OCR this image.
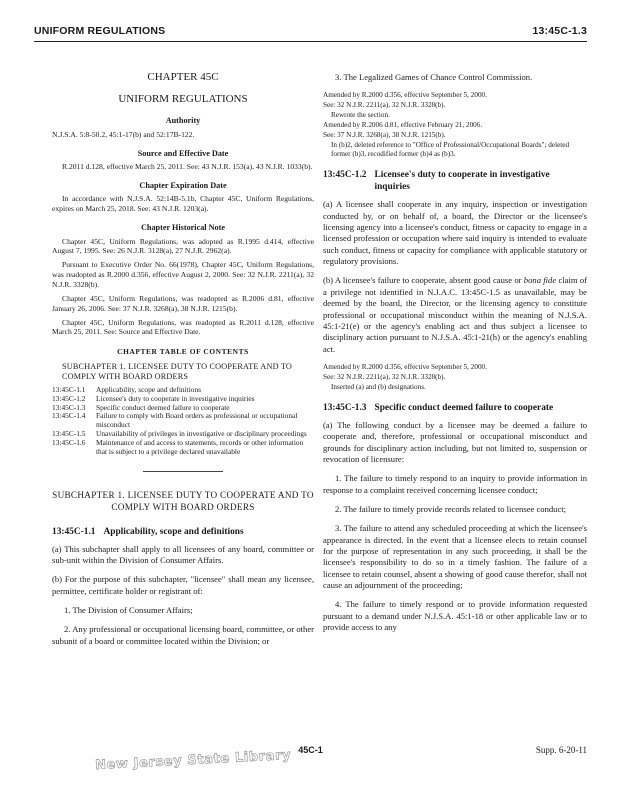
UNIFORM REGULATIONS	13:45C-1.3
CHAPTER 45C
UNIFORM REGULATIONS
Authority

N.J.S.A. 5:8-50.2, 45:1-17(b) and 52:17B-122.

Source and Effective Date

R.2011 d.128, effective March 25, 2011. See: 43 N.J.R. 153(a), 43 N.J.R. 1033(b).

Chapter Expiration Date

In accordance with N.J.S.A. 52:14B-5.1b, Chapter 45C, Uniform Regulations, expires on March 25, 2018. See: 43 N.J.R. 1203(a).

Chapter Historical Note

Chapter 45C, Uniform Regulations, was adopted as R.1995 d.414, effective August 7, 1995. See: 26 N.J.R. 3128(a), 27 N.J.R. 2962(a).

Pursuant to Executive Order No. 66(1978), Chapter 45C, Uniform Regulations, was readopted as R.2000 d.356, effective August 2, 2000. See: 32 N.J.R. 2211(a), 32 N.J.R. 3328(b).

Chapter 45C, Uniform Regulations, was readopted as R.2006 d.81, effective January 26, 2006. See: 37 N.J.R. 3268(a), 38 N.J.R. 1215(b).

Chapter 45C, Uniform Regulations, was readopted as R.2011 d.128, effective March 25, 2011. See: Source and Effective Date.

CHAPTER TABLE OF CONTENTS
SUBCHAPTER 1. LICENSEE DUTY TO COOPERATE AND TO COMPLY WITH BOARD ORDERS
13:45C-1.1	Applicability, scope and definitions
13:45C-1.2	Licensee's duty to cooperate in investigative inquiries
13:45C-1.3	Specific conduct deemed failure to cooperate
13:45C-1.4	Failure to comply with Board orders as professional or occupational misconduct
13:45C-1.5	Unavailability of privileges in investigative or disciplinary proceedings
13:45C-1.6	Maintenance of and access to statements, records or other information that is subject to a privilege declared unavailable
SUBCHAPTER 1. LICENSEE DUTY TO COOPERATE AND TO COMPLY WITH BOARD ORDERS
13:45C-1.1 Applicability, scope and definitions

(a) This subchapter shall apply to all licensees of any board, committee or sub-unit within the Division of Consumer Affairs.

(b) For the purpose of this subchapter, "licensee" shall mean any licensee, permittee, certificate holder or registrant of:

1. The Division of Consumer Affairs;

2. Any professional or occupational licensing board, committee, or other subunit of a board or committee located within the Division; or

3. The Legalized Games of Chance Control Commission.

Amended by R.2000 d.356, effective September 5, 2000.
See: 32 N.J.R. 2211(a), 32 N.J.R. 3328(b).
Rewrote the section.
Amended by R.2006 d.81, effective February 21, 2006.
See: 37 N.J.R. 3268(a), 38 N.J.R. 1215(b).
In (b)2, deleted reference to "Office of Professional/Occupational Boards"; deleted former (b)3, recodified former (b)4 as (b)3.
13:45C-1.2 Licensee's duty to cooperate in investigative inquiries

(a) A licensee shall cooperate in any inquiry, inspection or investigation conducted by, or on behalf of, a board, the Director or the licensee's licensing agency into a licensee's conduct, fitness or capacity to engage in a licensed profession or occupation where said inquiry is intended to evaluate such conduct, fitness or capacity for compliance with applicable statutory or regulatory provisions.

(b) A licensee's failure to cooperate, absent good cause or bona fide claim of a privilege not identified in N.J.A.C. 13:45C-1.5 as unavailable, may be deemed by the board, the Director, or the licensing agency to constitute professional or occupational misconduct within the meaning of N.J.S.A. 45:1-21(e) or the agency's enabling act and thus subject a licensee to disciplinary action pursuant to N.J.S.A. 45:1-21(h) or the agency's enabling act.

Amended by R.2000 d.356, effective September 5, 2000.
See: 32 N.J.R. 2211(a), 32 N.J.R. 3328(b).
Inserted (a) and (b) designations.
13:45C-1.3 Specific conduct deemed failure to cooperate

(a) The following conduct by a licensee may be deemed a failure to cooperate and, therefore, professional or occupational misconduct and grounds for disciplinary action including, but not limited to, suspension or revocation of licensure:

1. The failure to timely respond to an inquiry to provide information in response to a complaint received concerning licensee conduct;

2. The failure to timely provide records related to licensee conduct;

3. The failure to attend any scheduled proceeding at which the licensee's appearance is directed. In the event that a licensee elects to retain counsel for the purpose of representation in any such proceeding, it shall be the licensee's responsibility to do so in a timely fashion. The failure of a licensee to retain counsel, absent a showing of good cause therefor, shall not cause an adjournment of the proceeding;

4. The failure to timely respond or to provide information requested pursuant to a demand under N.J.S.A. 45:1-18 or other applicable law or to provide access to any

New Jersey State Library 45C-1	Supp. 6-20-11
